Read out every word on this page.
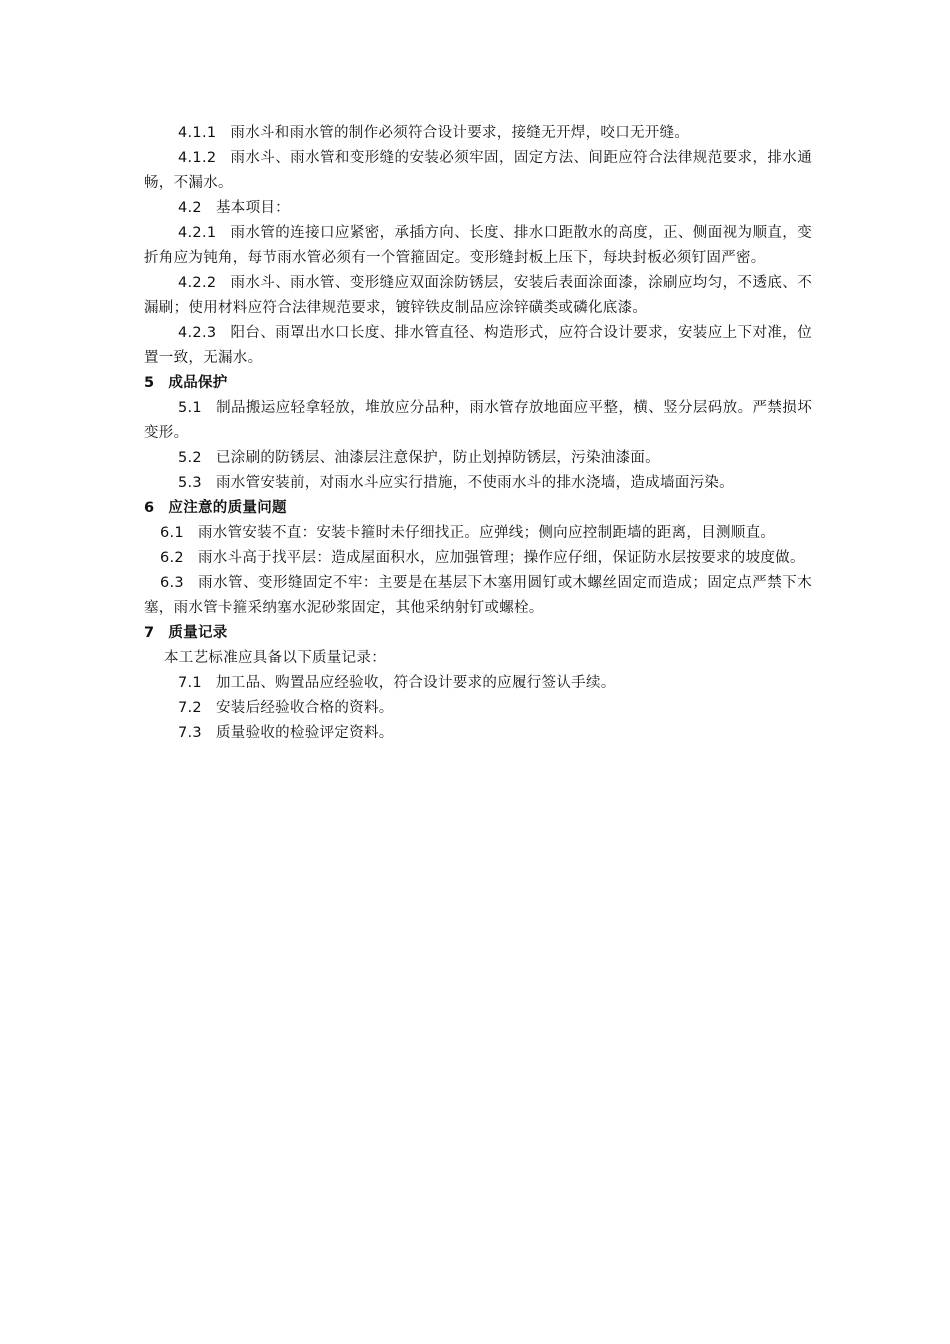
4.1.1 雨水斗和雨水管的制作必须符合设计要求，接缝无开焊，咬口无开缝。

4.1.2 雨水斗、雨水管和变形缝的安装必须牢固，固定方法、间距应符合法律规范要求，排水通畅，不漏水。

4.2 基本项目：

4.2.1 雨水管的连接口应紧密，承插方向、长度、排水口距散水的高度，正、侧面视为顺直，变折角应为钝角，每节雨水管必须有一个管箍固定。变形缝封板上压下，每块封板必须钉固严密。

4.2.2 雨水斗、雨水管、变形缝应双面涂防锈层，安装后表面涂面漆，涂刷应均匀，不透底、不漏刷；使用材料应符合法律规范要求，镀锌铁皮制品应涂锌磺类或磷化底漆。

4.2.3 阳台、雨罩出水口长度、排水管直径、构造形式，应符合设计要求，安装应上下对准，位置一致，无漏水。

5 成品保护

5.1 制品搬运应轻拿轻放，堆放应分品种，雨水管存放地面应平整，横、竖分层码放。严禁损坏变形。

5.2 已涂刷的防锈层、油漆层注意保护，防止划掉防锈层，污染油漆面。

5.3 雨水管安装前，对雨水斗应实行措施，不使雨水斗的排水浇墙，造成墙面污染。

6 应注意的质量问题

6.1 雨水管安装不直：安装卡箍时未仔细找正。应弹线；侧向应控制距墙的距离，目测顺直。

6.2 雨水斗高于找平层：造成屋面积水，应加强管理；操作应仔细，保证防水层按要求的坡度做。

6.3 雨水管、变形缝固定不牢：主要是在基层下木塞用圆钉或木螺丝固定而造成；固定点严禁下木塞，雨水管卡箍采纳塞水泥砂浆固定，其他采纳射钉或螺栓。

7 质量记录

本工艺标准应具备以下质量记录：

7.1 加工品、购置品应经验收，符合设计要求的应履行签认手续。

7.2 安装后经验收合格的资料。

7.3 质量验收的检验评定资料。
